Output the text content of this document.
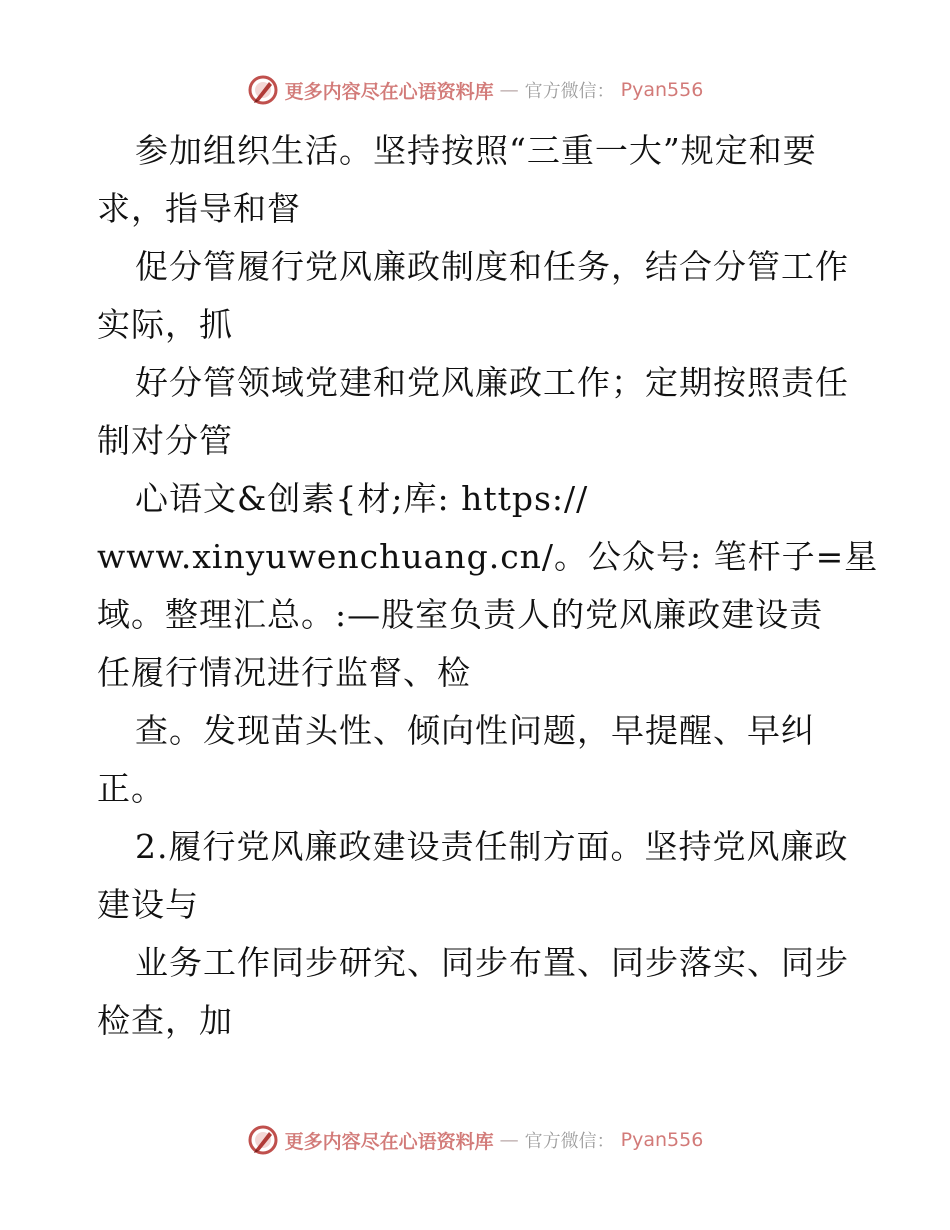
更多内容尽在心语资料库 — 官方微信： Pyan556
参加组织生活。坚持按照“三重一大”规定和要
求，指导和督
促分管履行党风廉政制度和任务，结合分管工作
实际，抓
好分管领域党建和党风廉政工作；定期按照责任
制对分管
心语文&创素{材;库: https://
www.xinyuwenchuang.cn/。公众号: 笔杆子=星
域。整理汇总。:—股室负责人的党风廉政建设责
任履行情况进行监督、检
查。发现苗头性、倾向性问题，早提醒、早纠
正。
2.履行党风廉政建设责任制方面。坚持党风廉政
建设与
业务工作同步研究、同步布置、同步落实、同步
检查，加
更多内容尽在心语资料库 — 官方微信： Pyan556
